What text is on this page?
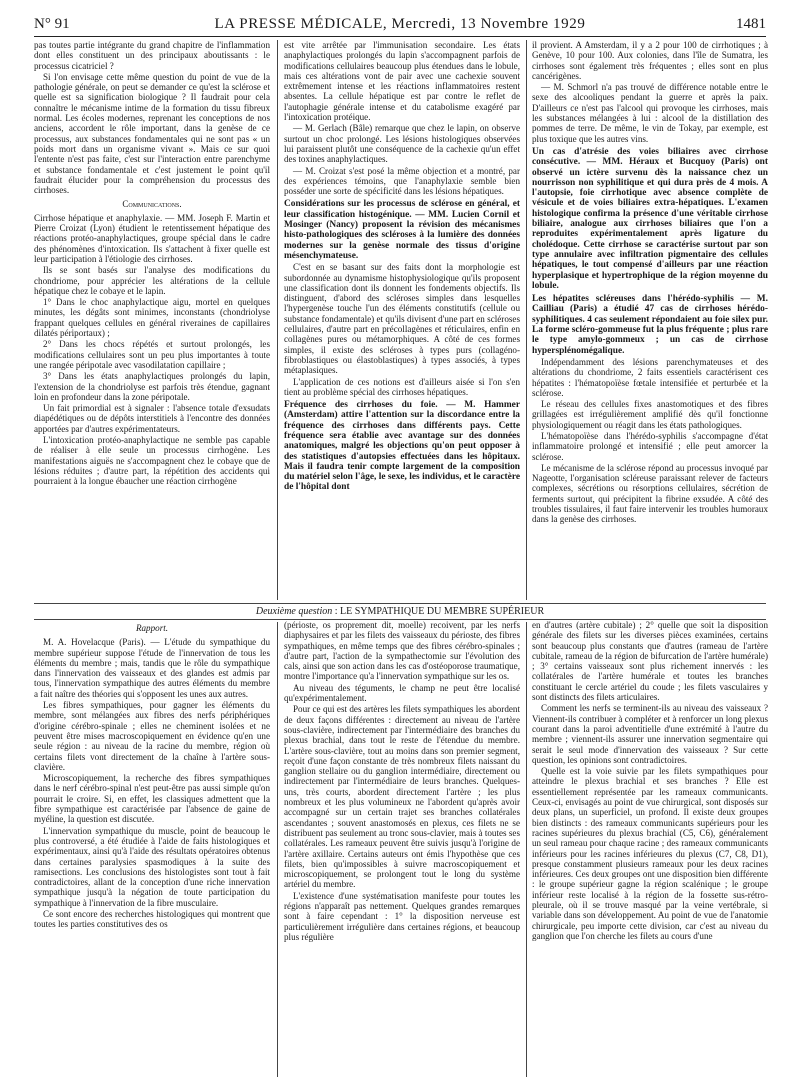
N° 91	LA PRESSE MÉDICALE, Mercredi, 13 Novembre 1929	1481

pas toutes partie intégrante du grand chapitre de l'inflammation dont elles constituent un des principaux aboutissants : le processus cicatriciel ?

Si l'on envisage cette même question du point de vue de la pathologie générale, on peut se demander ce qu'est la sclérose et quelle est sa signification biologique ? Il faudrait pour cela connaître le mécanisme intime de la formation du tissu fibreux normal. Les écoles modernes, reprenant les conceptions de nos anciens, accordent le rôle important, dans la genèse de ce processus, aux substances fondamentales qui ne sont pas « un poids mort dans un organisme vivant ». Mais ce sur quoi l'entente n'est pas faite, c'est sur l'interaction entre parenchyme et substance fondamentale et c'est justement le point qu'il faudrait élucider pour la compréhension du processus des cirrhoses.

Communications.

Cirrhose hépatique et anaphylaxie. — MM. Joseph F. Martin et Pierre Croizat (Lyon) étudient le retentissement hépatique des réactions protéo-anaphylactiques, groupe spécial dans le cadre des phénomènes d'intoxication. Ils s'attachent à fixer quelle est leur participation à l'étiologie des cirrhoses.

Ils se sont basés sur l'analyse des modifications du chondriome, pour apprécier les altérations de la cellule hépatique chez le cobaye et le lapin.

1° Dans le choc anaphylactique aigu, mortel en quelques minutes, les dégâts sont minimes, inconstants (chondriolyse frappant quelques cellules en général riveraines de capillaires dilatés périportaux) ;

2° Dans les chocs répétés et surtout prolongés, les modifications cellulaires sont un peu plus importantes à toute une rangée péripotale avec vasodilatation capillaire ;

3° Dans les états anaphylactiques prolongés du lapin, l'extension de la chondriolyse est parfois très étendue, gagnant loin en profondeur dans la zone péripotale.

Un fait primordial est à signaler : l'absence totale d'exsudats diapédétiques ou de dépôts interstitiels à l'encontre des données apportées par d'autres expérimentateurs.

L'intoxication protéo-anaphylactique ne semble pas capable de réaliser à elle seule un processus cirrhogène. Les manifestations aiguës ne s'accompagnent chez le cobaye que de lésions réduites ; d'autre part, la répétition des accidents qui pourraient à la longue ébaucher une réaction cirrhogène

est vite arrêtée par l'immunisation secondaire. Les états anaphylactiques prolongés du lapin s'accompagnent parfois de modifications cellulaires beaucoup plus étendues dans le lobule, mais ces altérations vont de pair avec une cachexie souvent extrêmement intense et les réactions inflammatoires restent absentes. La cellule hépatique est par contre le reflet de l'autophagie générale intense et du catabolisme exagéré par l'intoxication protéique.

— M. Gerlach (Bâle) remarque que chez le lapin, on observe surtout un choc prolongé. Les lésions histologiques observées lui paraissent plutôt une conséquence de la cachexie qu'un effet des toxines anaphylactiques.

— M. Croizat s'est posé la même objection et a montré, par des expériences témoins, que l'anaphylaxie semble bien posséder une sorte de spécificité dans les lésions hépatiques.

Considérations sur les processus de sclérose en général, et leur classification histogénique. — MM. Lucien Cornil et Mosinger (Nancy) proposent la révision des mécanismes histo-pathologiques des scléroses à la lumière des données modernes sur la genèse normale des tissus d'origine mésenchymateuse.

C'est en se basant sur des faits dont la morphologie est subordonnée au dynamisme histophysiologique qu'ils proposent une classification dont ils donnent les fondements objectifs. Ils distinguent, d'abord des scléroses simples dans lesquelles l'hypergenèse touche l'un des éléments constitutifs (cellule ou substance fondamentale) et qu'ils divisent d'une part en scléroses cellulaires, d'autre part en précollagènes et réticulaires, enfin en collagènes pures ou métamorphiques. A côté de ces formes simples, il existe des scléroses à types purs (collagéno-fibroblastiques ou élastoblastiques) à types associés, à types métaplasiques.

L'application de ces notions est d'ailleurs aisée si l'on s'en tient au problème spécial des cirrhoses hépatiques.

Fréquence des cirrhoses du foie. — M. Hammer (Amsterdam) attire l'attention sur la discordance entre la fréquence des cirrhoses dans différents pays. Cette fréquence sera établie avec avantage sur des données anatomiques, malgré les objections qu'on peut opposer à des statistiques d'autopsies effectuées dans les hôpitaux. Mais il faudra tenir compte largement de la composition du matériel selon l'âge, le sexe, les individus, et le caractère de l'hôpital dont

il provient. A Amsterdam, il y a 2 pour 100 de cirrhotiques ; à Genève, 10 pour 100. Aux colonies, dans l'île de Sumatra, les cirrhoses sont également très fréquentes ; elles sont en plus cancérigènes.

— M. Schmorl n'a pas trouvé de différence notable entre le sexe des alcooliques pendant la guerre et après la paix. D'ailleurs ce n'est pas l'alcool qui provoque les cirrhoses, mais les substances mélangées à lui : alcool de la distillation des pommes de terre. De même, le vin de Tokay, par exemple, est plus toxique que les autres vins.

Un cas d'atrésie des voies biliaires avec cirrhose consécutive. — MM. Héraux et Bucquoy (Paris) ont observé un ictère survenu dès la naissance chez un nourrisson non syphilitique et qui dura près de 4 mois. A l'autopsie, foie cirrhotique avec absence complète de vésicule et de voies biliaires extra-hépatiques. L'examen histologique confirma la présence d'une véritable cirrhose biliaire, analogue aux cirrhoses biliaires que l'on a reproduites expérimentalement après ligature du cholédoque. Cette cirrhose se caractérise surtout par son type annulaire avec infiltration pigmentaire des cellules hépatiques, le tout compensé d'ailleurs par une réaction hyperplasique et hypertrophique de la région moyenne du lobule.
Les hépatites scléreuses dans l'hérédo-syphilis — M. Cailliau (Paris) a étudié 47 cas de cirrhoses hérédo-syphilitiques. 4 cas seulement répondaient au foie silex pur. La forme scléro-gommeuse fut la plus fréquente ; plus rare le type amylo-gommeux ; un cas de cirrhose hypersplénomégalique.

Indépendamment des lésions parenchymateuses et des altérations du chondriome, 2 faits essentiels caractérisent ces hépatites : l'hématopoïèse fœtale intensifiée et perturbée et la sclérose.

Le réseau des cellules fixes anastomotiques et des fibres grillagées est irrégulièrement amplifié dès qu'il fonctionne physiologiquement ou réagit dans les états pathologiques.

L'hématopoïèse dans l'hérédo-syphilis s'accompagne d'état inflammatoire prolongé et intensifié ; elle peut amorcer la sclérose.

Le mécanisme de la sclérose répond au processus invoqué par Nageotte, l'organisation scléreuse paraissant relever de facteurs complexes, sécrétions ou résorptions cellulaires, sécrétion de ferments surtout, qui précipitent la fibrine exsudée. A côté des troubles tissulaires, il faut faire intervenir les troubles humoraux dans la genèse des cirrhoses.

Deuxième question : LE SYMPATHIQUE DU MEMBRE SUPÉRIEUR
Rapport.

M. A. Hovelacque (Paris). — L'étude du sympathique du membre supérieur suppose l'étude de l'innervation de tous les éléments du membre ; mais, tandis que le rôle du sympathique dans l'innervation des vaisseaux et des glandes est admis par tous, l'innervation sympathique des autres éléments du membre a fait naître des théories qui s'opposent les unes aux autres.

Les fibres sympathiques, pour gagner les éléments du membre, sont mélangées aux fibres des nerfs périphériques d'origine cérébro-spinale ; elles ne cheminent isolées et ne peuvent être mises macroscopiquement en évidence qu'en une seule région : au niveau de la racine du membre, région où certains filets vont directement de la chaîne à l'artère sous-clavière.

Microscopiquement, la recherche des fibres sympathiques dans le nerf cérébro-spinal n'est peut-être pas aussi simple qu'on pourrait le croire. Si, en effet, les classiques admettent que la fibre sympathique est caractérisée par l'absence de gaine de myéline, la question est discutée.

L'innervation sympathique du muscle, point de beaucoup le plus controversé, a été étudiée à l'aide de faits histologiques et expérimentaux, ainsi qu'à l'aide des résultats opératoires obtenus dans certaines paralysies spasmodiques à la suite des ramisections. Les conclusions des histologistes sont tout à fait contradictoires, allant de la conception d'une riche innervation sympathique jusqu'à la négation de toute participation du sympathique à l'innervation de la fibre musculaire.

Ce sont encore des recherches histologiques qui montrent que toutes les parties constitutives des os

(périoste, os proprement dit, moelle) recoivent, par les nerfs diaphysaires et par les filets des vaisseaux du périoste, des fibres sympathiques, en même temps que des fibres cérébro-spinales ; d'autre part, l'action de la sympathectomie sur l'évolution des cals, ainsi que son action dans les cas d'ostéoporose traumatique, montre l'importance qu'a l'innervation sympathique sur les os.

Au niveau des téguments, le champ ne peut être localisé qu'expérimentalement.

Pour ce qui est des artères les filets sympathiques les abordent de deux façons différentes : directement au niveau de l'artère sous-clavière, indirectement par l'intermédiaire des branches du plexus brachial, dans tout le reste de l'étendue du membre. L'artère sous-clavière, tout au moins dans son premier segment, reçoit d'une façon constante de très nombreux filets naissant du ganglion stellaire ou du ganglion intermédiaire, directement ou indirectement par l'intermédiaire de leurs branches. Quelques-uns, très courts, abordent directement l'artère ; les plus nombreux et les plus volumineux ne l'abordent qu'après avoir accompagné sur un certain trajet ses branches collatérales ascendantes ; souvent anastomosés en plexus, ces filets ne se distribuent pas seulement au tronc sous-clavier, mais à toutes ses collatérales. Les rameaux peuvent être suivis jusqu'à l'origine de l'artère axillaire. Certains auteurs ont émis l'hypothèse que ces filets, bien qu'impossibles à suivre macroscopiquement et microscopiquement, se prolongent tout le long du système artériel du membre.

L'existence d'une systématisation manifeste pour toutes les régions n'apparaît pas nettement. Quelques grandes remarques sont à faire cependant : 1° la disposition nerveuse est particulièrement irrégulière dans certaines régions, et beaucoup plus régulière

en d'autres (artère cubitale) ; 2° quelle que soit la disposition générale des filets sur les diverses pièces examinées, certains sont beaucoup plus constants que d'autres (rameau de l'artère cubitale, rameau de la région de bifurcation de l'artère humérale) ; 3° certains vaisseaux sont plus richement innervés : les collatérales de l'artère humérale et toutes les branches constituant le cercle artériel du coude ; les filets vasculaires y sont distincts des filets articulaires.

Comment les nerfs se terminent-ils au niveau des vaisseaux ? Viennent-ils contribuer à compléter et à renforcer un long plexus courant dans la paroi adventitielle d'une extrémité à l'autre du membre ; viennent-ils assurer une innervation segmentaire qui serait le seul mode d'innervation des vaisseaux ? Sur cette question, les opinions sont contradictoires.

Quelle est la voie suivie par les filets sympathiques pour atteindre le plexus brachial et ses branches ? Elle est essentiellement représentée par les rameaux communicants. Ceux-ci, envisagés au point de vue chirurgical, sont disposés sur deux plans, un superficiel, un profond. Il existe deux groupes bien distincts : des rameaux communicants supérieurs pour les racines supérieures du plexus brachial (C5, C6), généralement un seul rameau pour chaque racine ; des rameaux communicants inférieurs pour les racines inférieures du plexus (C7, C8, D1), presque constamment plusieurs rameaux pour les deux racines inférieures. Ces deux groupes ont une disposition bien différente : le groupe supérieur gagne la région scalénique ; le groupe inférieur reste localisé à la région de la fossette sus-rétro-pleurale, où il se trouve masqué par la veine vertébrale, si variable dans son développement. Au point de vue de l'anatomie chirurgicale, peu importe cette division, car c'est au niveau du ganglion que l'on cherche les filets au cours d'une
